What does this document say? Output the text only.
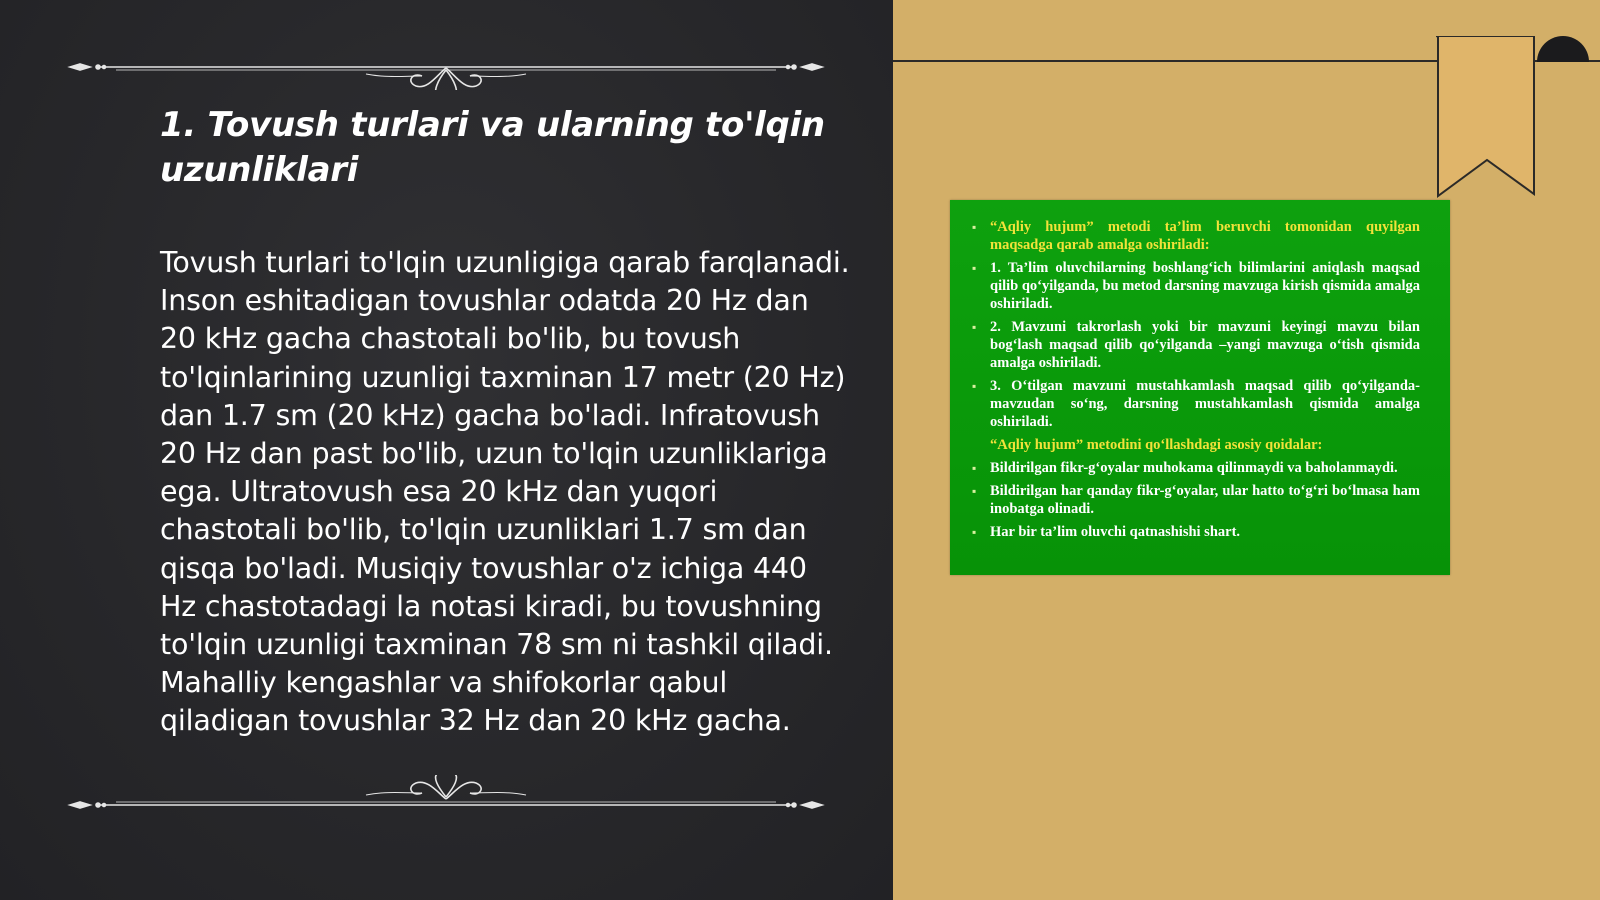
1. Tovush turlari va ularning to'lqin uzunliklari

Tovush turlari to'lqin uzunligiga qarab farqlanadi. Inson eshitadigan tovushlar odatda 20 Hz dan 20 kHz gacha chastotali bo'lib, bu tovush to'lqinlarining uzunligi taxminan 17 metr (20 Hz) dan 1.7 sm (20 kHz) gacha bo'ladi. Infratovush 20 Hz dan past bo'lib, uzun to'lqin uzunliklariga ega. Ultratovush esa 20 kHz dan yuqori chastotali bo'lib, to'lqin uzunliklari 1.7 sm dan qisqa bo'ladi. Musiqiy tovushlar o'z ichiga 440 Hz chastotadagi la notasi kiradi, bu tovushning to'lqin uzunligi taxminan 78 sm ni tashkil qiladi. Mahalliy kengashlar va shifokorlar qabul qiladigan tovushlar 32 Hz dan 20 kHz gacha.

▪ “Aqliy hujum” metodi ta’lim beruvchi tomonidan quyilgan maqsadga qarab amalga oshiriladi:
▪ 1. Ta’lim oluvchilarning boshlang‘ich bilimlarini aniqlash maqsad qilib qo‘yilganda, bu metod darsning mavzuga kirish qismida amalga oshiriladi.
▪ 2. Mavzuni takrorlash yoki bir mavzuni keyingi mavzu bilan bog‘lash maqsad qilib qo‘yilganda –yangi mavzuga o‘tish qismida amalga oshiriladi.
▪ 3. O‘tilgan mavzuni mustahkamlash maqsad qilib qo‘yilganda-mavzudan so‘ng, darsning mustahkamlash qismida amalga oshiriladi.
“Aqliy hujum” metodini qo‘llashdagi asosiy qoidalar:
▪ Bildirilgan fikr-g‘oyalar muhokama qilinmaydi va baholanmaydi.
▪ Bildirilgan har qanday fikr-g‘oyalar, ular hatto to‘g‘ri bo‘lmasa ham inobatga olinadi.
▪ Har bir ta’lim oluvchi qatnashishi shart.
